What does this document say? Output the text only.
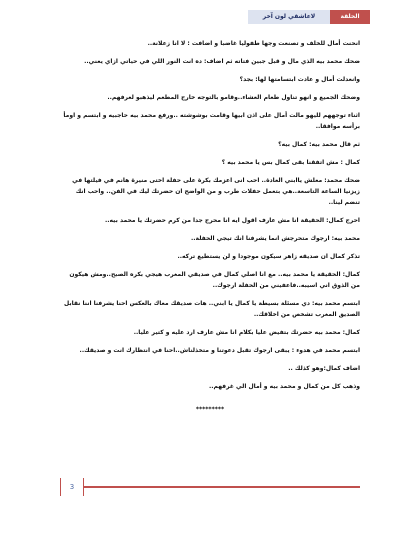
لاعاشقي لون آخر	الحلقة الخامسة

انحنت أمال للخلف و تصنعت وجها طفوليا غاضبا و اضافت : لا انا زعلانة..

ضحك محمد بيه الذي مال و قبل جبين فتاته ثم اضاف: ده انت النور اللي في حياتي ازاي يعني..

وانعدلت أمال و عادت ابتسامتها لها: بجد؟

وضحك الجميع و انهو تناول طعام العشاء..وقامو بالتوجه خارج المطعم ليذهبو لغرفهم..

اثناء توجههم لليهو مالت أمال على اذن ابيها وقامت بوشوشته ..ورفع محمد بيه حاجبيه و ابتسم و اومأ برأسه موافقا..

ثم قال محمد بيه: كمال بيه؟

كمال : مش اتفقنا بقى كمال بس يا محمد بيه ؟

ضحك محمد: معلش ياابني العادة.. احب انى اعزمك بكرة على حفلة اختى منيرة هانم في فيلتها في زيزنيا الساعة التاسعة..هي بتعمل حفلات طرب و من الواضح ان حضرتك ليك في الفن.. واحب انك تنضم لينا..

احرج كمال: الحقيقة انا مش عارف اقول ايه انا محرج جدا من كرم حضرتك يا محمد بيه..

محمد بيه: ارجوك متحرجش انما يشرفنا انك تيجي الحفلة..

تذكر كمال ان صديقه زاهر سيكون موجودا و لن يستطيع تركه..

كمال: الحقيقة يا محمد بيه.. مع انا اصلي كمال في صديقي المغرب هيجي بكره الصبح..ومش هيكون من الذوق اني اسيبه..فاعفيني من الحفلة ارجوك..

ابتسم محمد بيه: دي مسئلة بسيطة يا كمال يا ابني.. هات صديقك معاك بالعكس احنا يشرفنا اننا نقابل الصديق المغرب تشخص من اخلاقك..

كمال: محمد بيه حضرتك بتفيض عليا بكلام انا مش عارف ارد عليه و كتير عليا..

ابتسم محمد في هدوء : يبقى ارجوك تقبل دعوتنا و متخذلناش..احنا في انتظارك انت و صديقك..

اضاف كمال:وهو كذلك ..

وذهب كل من كمال و محمد بيه و أمال الي غرفهم..

*********
3
